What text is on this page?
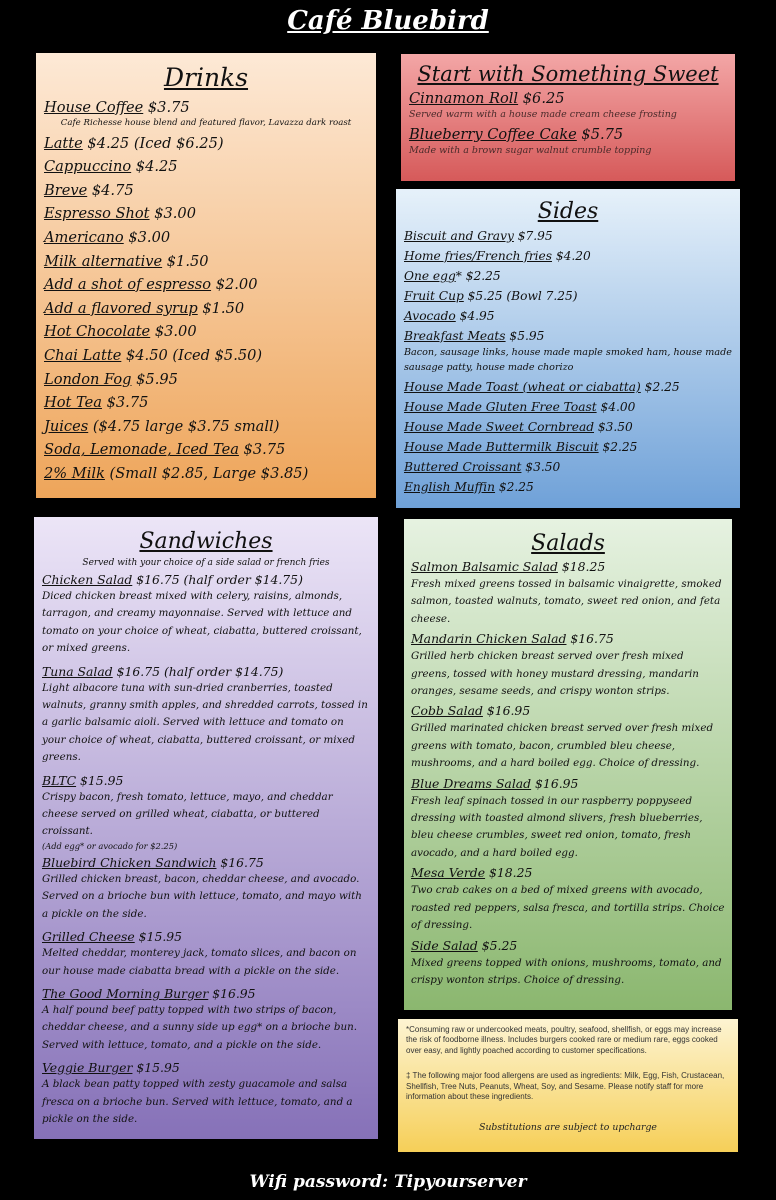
Café Bluebird
Drinks
House Coffee $3.75
Cafe Richesse house blend and featured flavor, Lavazza dark roast
Latte $4.25 (Iced $6.25)
Cappuccino $4.25
Breve $4.75
Espresso Shot $3.00
Americano $3.00
Milk alternative $1.50
Add a shot of espresso $2.00
Add a flavored syrup $1.50
Hot Chocolate $3.00
Chai Latte $4.50 (Iced $5.50)
London Fog $5.95
Hot Tea $3.75
Juices ($4.75 large $3.75 small)
Soda, Lemonade, Iced Tea $3.75
2% Milk (Small $2.85, Large $3.85)
Start with Something Sweet
Cinnamon Roll $6.25
Served warm with a house made cream cheese frosting
Blueberry Coffee Cake $5.75
Made with a brown sugar walnut crumble topping
Sides
Biscuit and Gravy $7.95
Home fries/French fries $4.20
One egg* $2.25
Fruit Cup $5.25 (Bowl 7.25)
Avocado $4.95
Breakfast Meats $5.95
Bacon, sausage links, house made maple smoked ham, house made sausage patty, house made chorizo
House Made Toast (wheat or ciabatta) $2.25
House Made Gluten Free Toast $4.00
House Made Sweet Cornbread $3.50
House Made Buttermilk Biscuit $2.25
Buttered Croissant $3.50
English Muffin $2.25
Sandwiches
Served with your choice of a side salad or french fries
Chicken Salad $16.75 (half order $14.75)
Diced chicken breast mixed with celery, raisins, almonds, tarragon, and creamy mayonnaise. Served with lettuce and tomato on your choice of wheat, ciabatta, buttered croissant, or mixed greens.
Tuna Salad $16.75 (half order $14.75)
Light albacore tuna with sun-dried cranberries, toasted walnuts, granny smith apples, and shredded carrots, tossed in a garlic balsamic aioli. Served with lettuce and tomato on your choice of wheat, ciabatta, buttered croissant, or mixed greens.
BLTC $15.95
Crispy bacon, fresh tomato, lettuce, mayo, and cheddar cheese served on grilled wheat, ciabatta, or buttered croissant.
(Add egg* or avocado for $2.25)
Bluebird Chicken Sandwich $16.75
Grilled chicken breast, bacon, cheddar cheese, and avocado. Served on a brioche bun with lettuce, tomato, and mayo with a pickle on the side.
Grilled Cheese $15.95
Melted cheddar, monterey jack, tomato slices, and bacon on our house made ciabatta bread with a pickle on the side.
The Good Morning Burger $16.95
A half pound beef patty topped with two strips of bacon, cheddar cheese, and a sunny side up egg* on a brioche bun. Served with lettuce, tomato, and a pickle on the side.
Veggie Burger $15.95
A black bean patty topped with zesty guacamole and salsa fresca on a brioche bun. Served with lettuce, tomato, and a pickle on the side.
Salads
Salmon Balsamic Salad $18.25
Fresh mixed greens tossed in balsamic vinaigrette, smoked salmon, toasted walnuts, tomato, sweet red onion, and feta cheese.
Mandarin Chicken Salad $16.75
Grilled herb chicken breast served over fresh mixed greens, tossed with honey mustard dressing, mandarin oranges, sesame seeds, and crispy wonton strips.
Cobb Salad $16.95
Grilled marinated chicken breast served over fresh mixed greens with tomato, bacon, crumbled bleu cheese, mushrooms, and a hard boiled egg. Choice of dressing.
Blue Dreams Salad $16.95
Fresh leaf spinach tossed in our raspberry poppyseed dressing with toasted almond slivers, fresh blueberries, bleu cheese crumbles, sweet red onion, tomato, fresh avocado, and a hard boiled egg.
Mesa Verde $18.25
Two crab cakes on a bed of mixed greens with avocado, roasted red peppers, salsa fresca, and tortilla strips. Choice of dressing.
Side Salad $5.25
Mixed greens topped with onions, mushrooms, tomato, and crispy wonton strips. Choice of dressing.
*Consuming raw or undercooked meats, poultry, seafood, shellfish, or eggs may increase the risk of foodborne illness. Includes burgers cooked rare or medium rare, eggs cooked over easy, and lightly poached according to customer specifications.
‡ The following major food allergens are used as ingredients: Milk, Egg, Fish, Crustacean, Shellfish, Tree Nuts, Peanuts, Wheat, Soy, and Sesame. Please notify staff for more information about these ingredients.
Substitutions are subject to upcharge
Wifi password: Tipyourserver
